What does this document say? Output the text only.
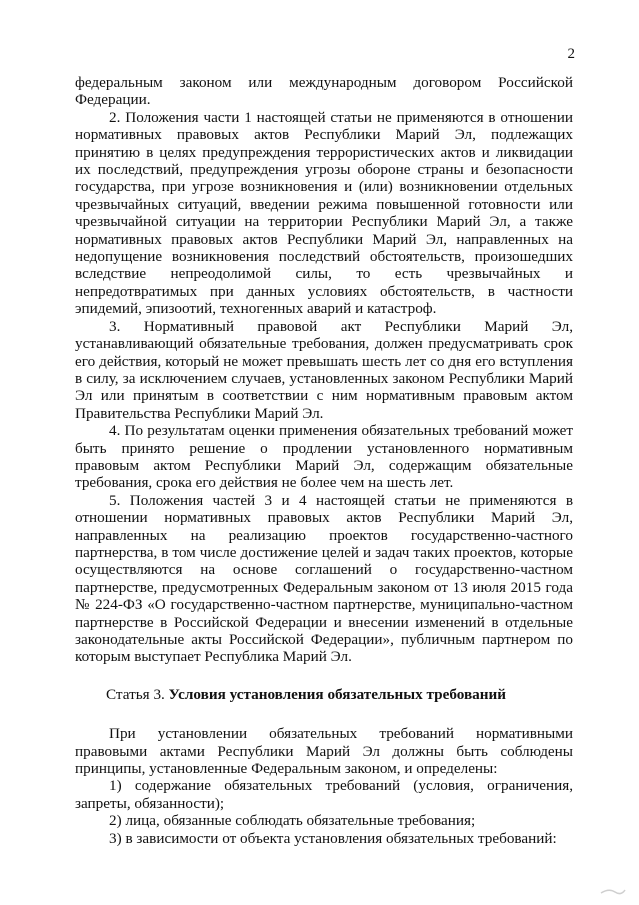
2

федеральным законом или международным договором Российской Федерации.

2. Положения части 1 настоящей статьи не применяются в отношении нормативных правовых актов Республики Марий Эл, подлежащих принятию в целях предупреждения террористических актов и ликвидации их последствий, предупреждения угрозы обороне страны и безопасности государства, при угрозе возникновения и (или) возникновении отдельных чрезвычайных ситуаций, введении режима повышенной готовности или чрезвычайной ситуации на территории Республики Марий Эл, а также нормативных правовых актов Республики Марий Эл, направленных на недопущение возникновения последствий обстоятельств, произошедших вследствие непреодолимой силы, то есть чрезвычайных и непредотвратимых при данных условиях обстоятельств, в частности эпидемий, эпизоотий, техногенных аварий и катастроф.

3. Нормативный правовой акт Республики Марий Эл, устанавливающий обязательные требования, должен предусматривать срок его действия, который не может превышать шесть лет со дня его вступления в силу, за исключением случаев, установленных законом Республики Марий Эл или принятым в соответствии с ним нормативным правовым актом Правительства Республики Марий Эл.

4. По результатам оценки применения обязательных требований может быть принято решение о продлении установленного нормативным правовым актом Республики Марий Эл, содержащим обязательные требования, срока его действия не более чем на шесть лет.

5. Положения частей 3 и 4 настоящей статьи не применяются в отношении нормативных правовых актов Республики Марий Эл, направленных на реализацию проектов государственно-частного партнерства, в том числе достижение целей и задач таких проектов, которые осуществляются на основе соглашений о государственно-частном партнерстве, предусмотренных Федеральным законом от 13 июля 2015 года № 224-ФЗ «О государственно-частном партнерстве, муниципально-частном партнерстве в Российской Федерации и внесении изменений в отдельные законодательные акты Российской Федерации», публичным партнером по которым выступает Республика Марий Эл.

Статья 3. Условия установления обязательных требований

При установлении обязательных требований нормативными правовыми актами Республики Марий Эл должны быть соблюдены принципы, установленные Федеральным законом, и определены:

1) содержание обязательных требований (условия, ограничения, запреты, обязанности);

2) лица, обязанные соблюдать обязательные требования;

3) в зависимости от объекта установления обязательных требований:
